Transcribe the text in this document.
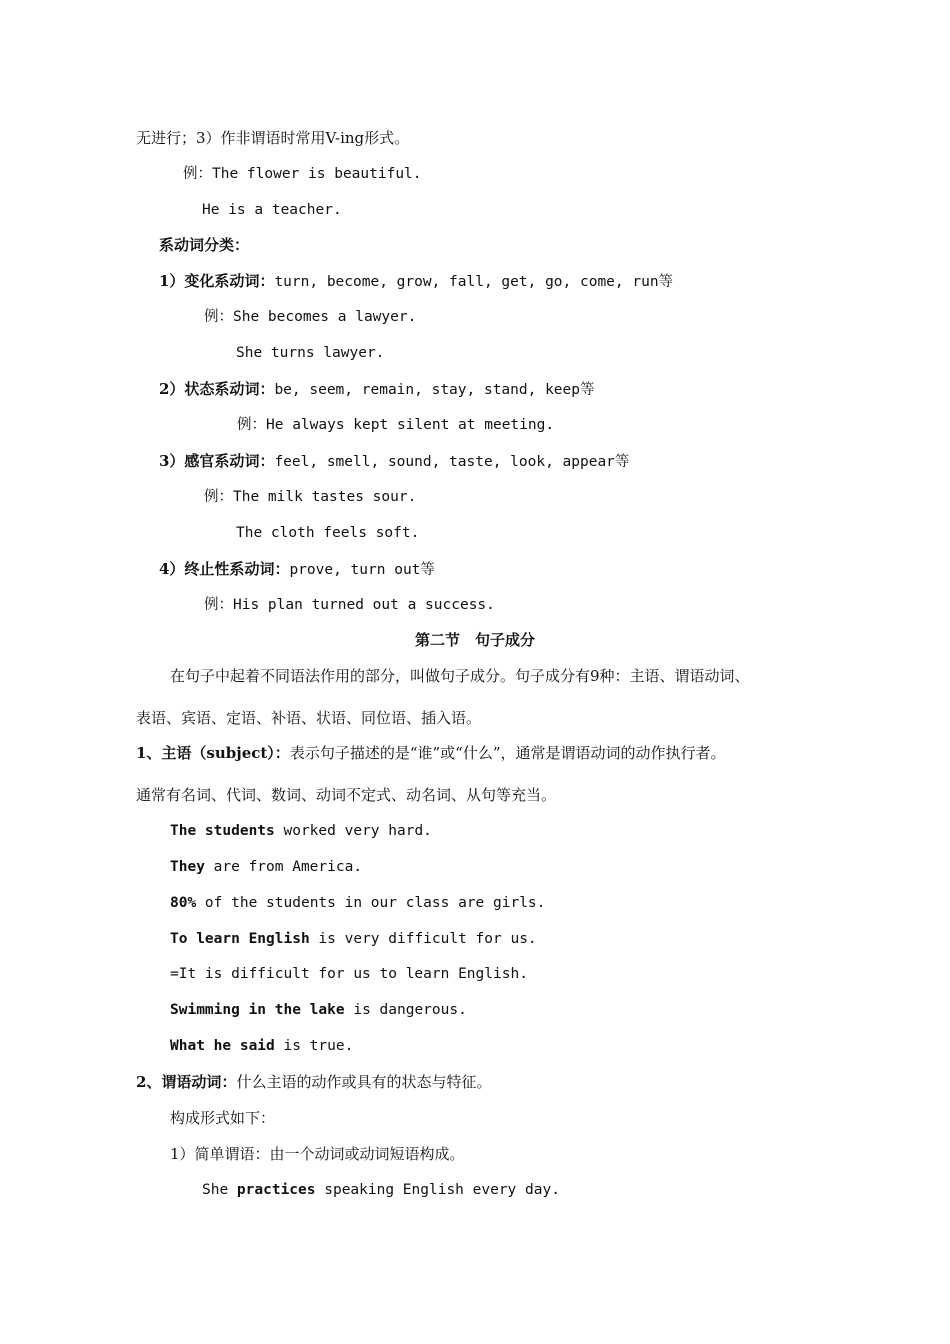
无进行；3）作非谓语时常用V-ing形式。
例：The flower is beautiful.
He is a teacher.
系动词分类：
1）变化系动词：turn, become, grow, fall, get, go, come, run等
例：She becomes a lawyer.
She turns lawyer.
2）状态系动词：be, seem, remain, stay, stand, keep等
例：He always kept silent at meeting.
3）感官系动词：feel, smell, sound, taste, look, appear等
例：The milk tastes sour.
The cloth feels soft.
4）终止性系动词：prove, turn out等
例：His plan turned out a success.
第二节　句子成分
在句子中起着不同语法作用的部分，叫做句子成分。句子成分有9种：主语、谓语动词、
表语、宾语、定语、补语、状语、同位语、插入语。
1、主语（subject）：表示句子描述的是“谁”或“什么”，通常是谓语动词的动作执行者。
通常有名词、代词、数词、动词不定式、动名词、从句等充当。
The students worked very hard.
They are from America.
80% of the students in our class are girls.
To learn English is very difficult for us.
=It is difficult for us to learn English.
Swimming in the lake is dangerous.
What he said is true.
2、谓语动词：什么主语的动作或具有的状态与特征。
构成形式如下：
1）简单谓语：由一个动词或动词短语构成。
She practices speaking English every day.
